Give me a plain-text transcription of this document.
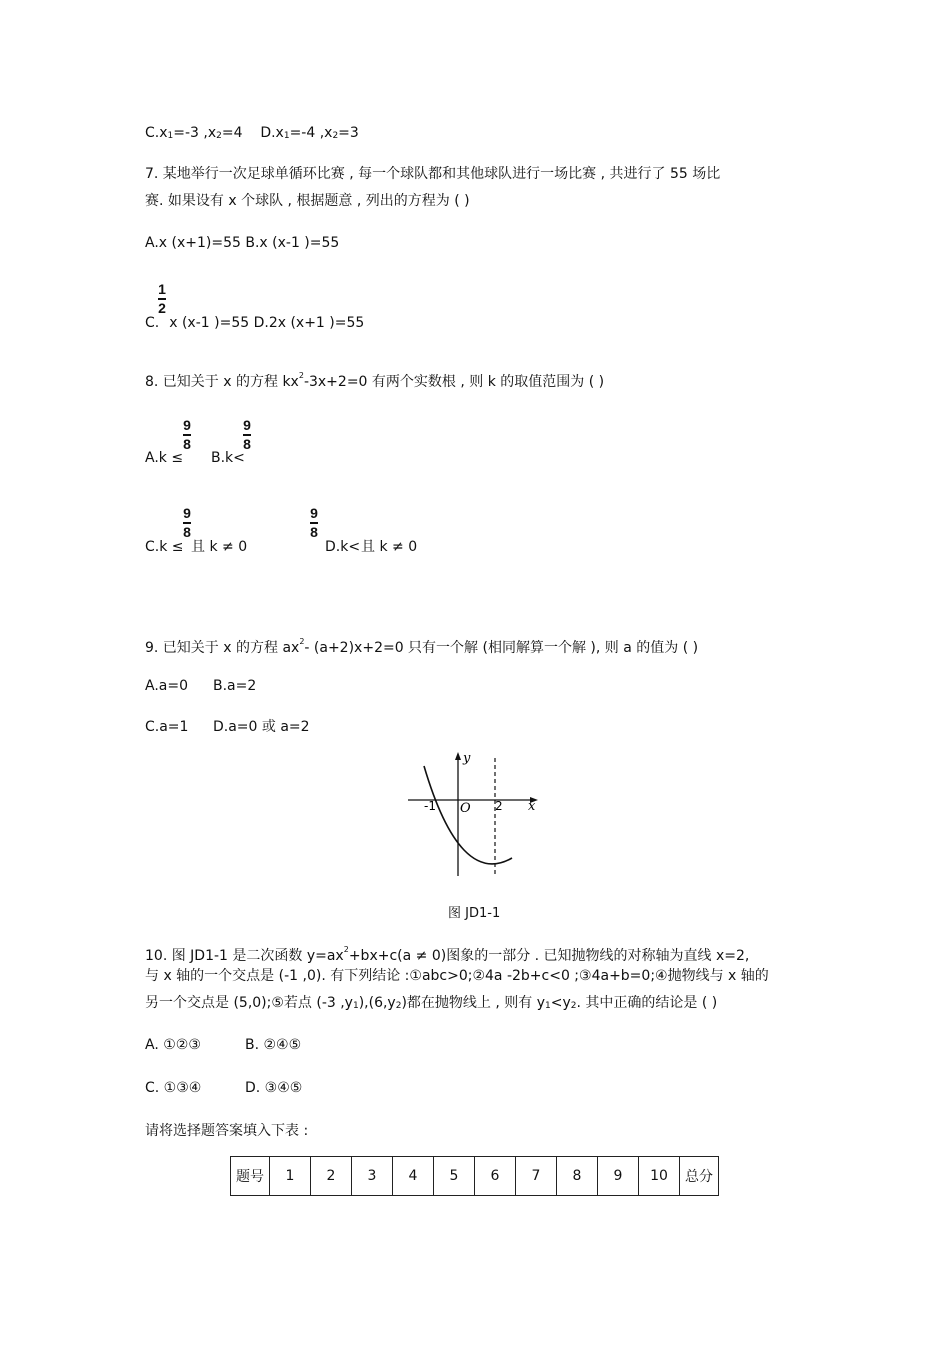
$C.x_1=-3$ $,x_2=4$ $D.x_1=-4$ $,x_2=3$
7. 某地举行一次足球单循环比赛 , 每一个球队都和其他球队进行一场比赛 , 共进行了 55 场比
赛. 如果设有 x 个球队 , 根据题意 , 列出的方程为 ( )
A.x (x+1)=55 B.x (x-1 )=55
1
2
C. x (x-1 )=55 D.2x (x+1 )=55
8. 已知关于 x 的方程 $kx^2-3x+2=0$ 有两个实数根 , 则 k 的取值范围为 ( )
9
8
9
8
A.k ≤ B.k<
9
8
9
8
C.k ≤ 且 k ≠ 0	D.k<且 k ≠ 0
9. 已知关于 x 的方程 $ax^2-$ (a+2)x+2=0 只有一个解 (相同解算一个解 ), 则 a 的值为 ( )
A.a=0 B.a=2
C.a=1 D.a=0 或 a=2
y
x
O
-1	2
图 JD1-1
10. 图 JD1-1 是二次函数 $y=ax^2+bx+c(a \ne 0)$图象的一部分 . 已知抛物线的对称轴为直线 x=2,
与 x 轴的一个交点是 (-1 ,0). 有下列结论 :①abc>0;②4a -2b+c<0 ;③4a+b=0;④抛物线与 x 轴的
另一个交点是 (5,0);⑤若点 (-3 $,y_1),(6,y_2)$都在抛物线上 , 则有 $y_1<y_2$. 其中正确的结论是 ( )
A. ①②③	B. ②④⑤
C. ①③④	D. ③④⑤
请将选择题答案填入下表 :
题号	1	2	3	4	5	6	7	8	9	10	总分
